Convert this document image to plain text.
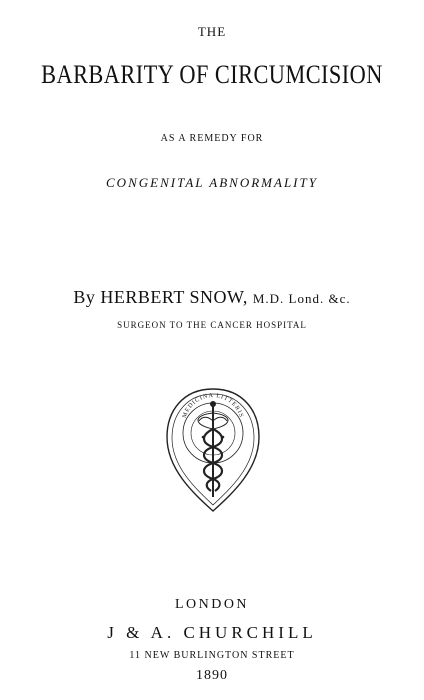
THE
BARBARITY OF CIRCUMCISION
AS A REMEDY FOR
CONGENITAL ABNORMALITY
By HERBERT SNOW, M.D. Lond. &c.
SURGEON TO THE CANCER HOSPITAL
MEDICINA LITTERIS
LONDON
J & A. CHURCHILL
11 NEW BURLINGTON STREET
1890
